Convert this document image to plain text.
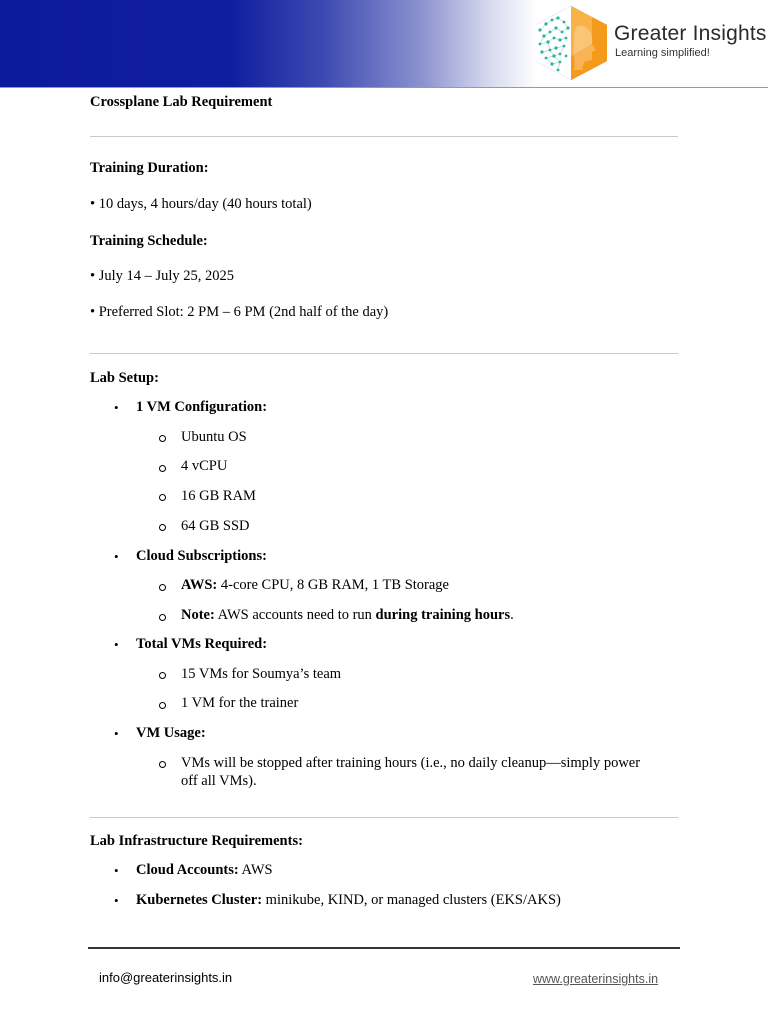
Greater Insights
Learning simplified!
Crossplane Lab Requirement
Training Duration:
• 10 days, 4 hours/day (40 hours total)
Training Schedule:
• July 14 – July 25, 2025
• Preferred Slot: 2 PM – 6 PM (2nd half of the day)
Lab Setup:
• 1 VM Configuration:
Ubuntu OS
4 vCPU
16 GB RAM
64 GB SSD
• Cloud Subscriptions:
AWS: 4-core CPU, 8 GB RAM, 1 TB Storage
Note: AWS accounts need to run during training hours.
• Total VMs Required:
15 VMs for Soumya’s team
1 VM for the trainer
• VM Usage:
VMs will be stopped after training hours (i.e., no daily cleanup—simply power
off all VMs).
Lab Infrastructure Requirements:
• Cloud Accounts: AWS
• Kubernetes Cluster: minikube, KIND, or managed clusters (EKS/AKS)
info@greaterinsights.in	www.greaterinsights.in
